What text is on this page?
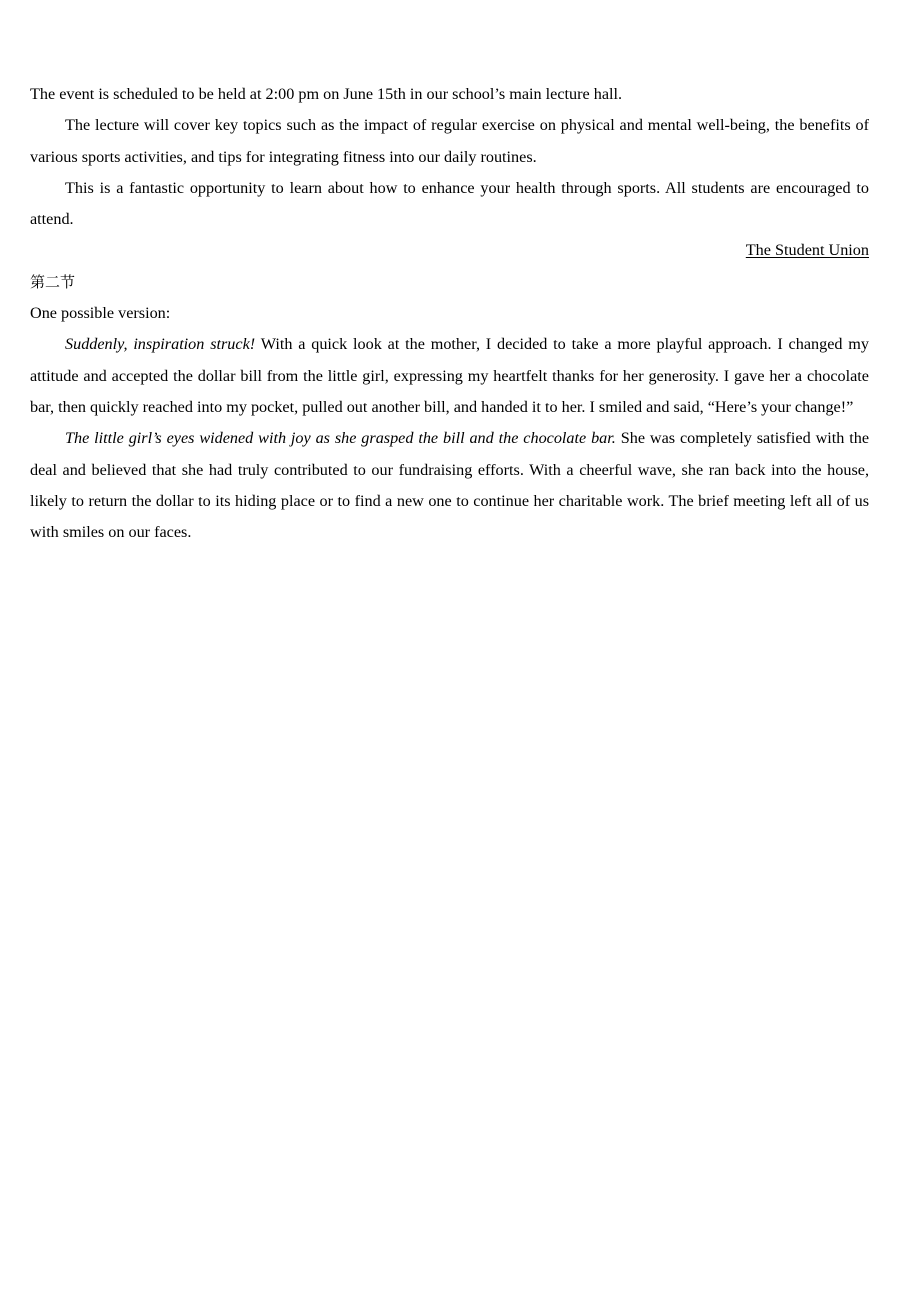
The event is scheduled to be held at 2:00 pm on June 15th in our school’s main lecture hall.

The lecture will cover key topics such as the impact of regular exercise on physical and mental well-being, the benefits of various sports activities, and tips for integrating fitness into our daily routines.

This is a fantastic opportunity to learn about how to enhance your health through sports. All students are encouraged to attend.

The Student Union

第二节

One possible version:

Suddenly, inspiration struck! With a quick look at the mother, I decided to take a more playful approach. I changed my attitude and accepted the dollar bill from the little girl, expressing my heartfelt thanks for her generosity. I gave her a chocolate bar, then quickly reached into my pocket, pulled out another bill, and handed it to her. I smiled and said, “Here’s your change!”

The little girl’s eyes widened with joy as she grasped the bill and the chocolate bar. She was completely satisfied with the deal and believed that she had truly contributed to our fundraising efforts. With a cheerful wave, she ran back into the house, likely to return the dollar to its hiding place or to find a new one to continue her charitable work. The brief meeting left all of us with smiles on our faces.
